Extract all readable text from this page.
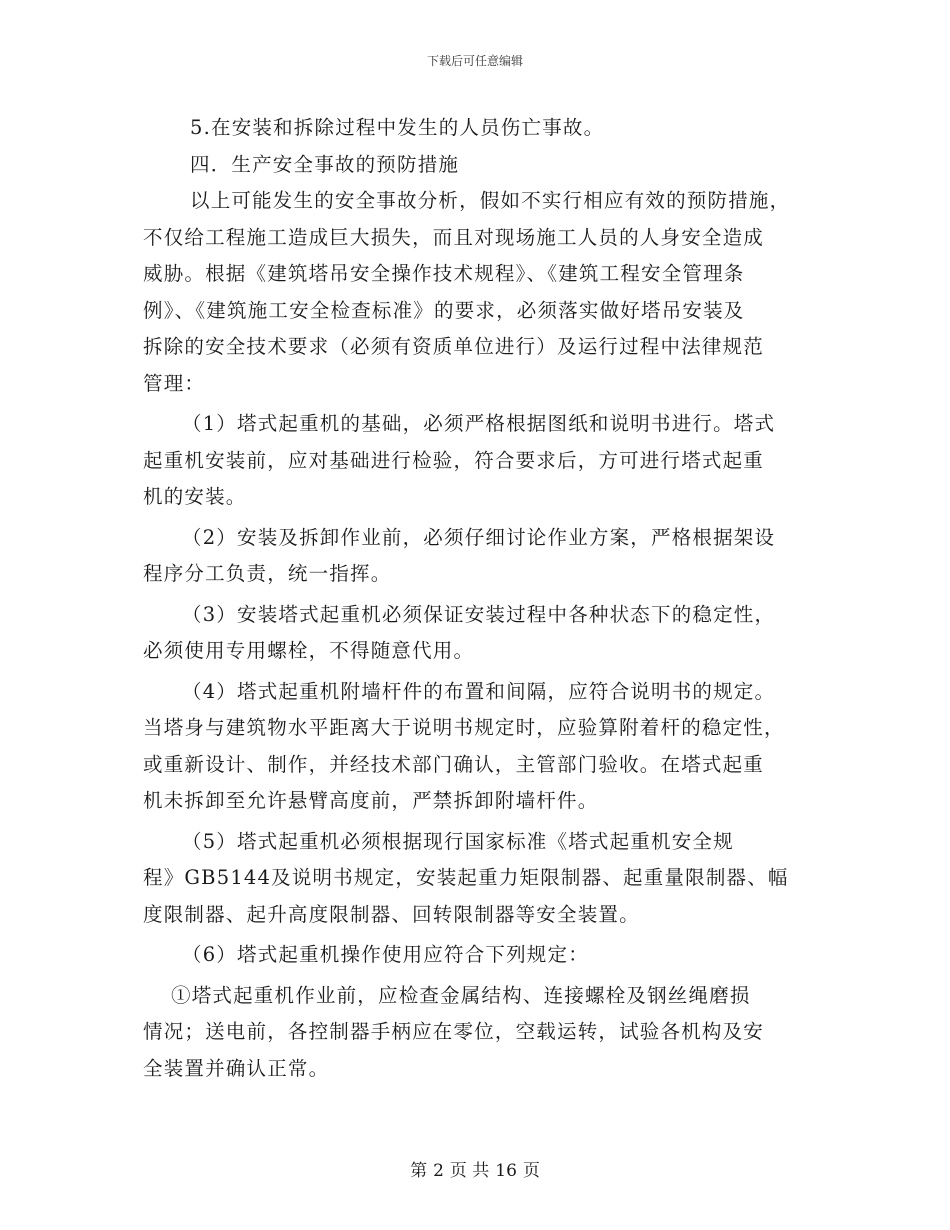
下载后可任意编辑
5.在安装和拆除过程中发生的人员伤亡事故。
四．生产安全事故的预防措施
以上可能发生的安全事故分析，假如不实行相应有效的预防措施，
不仅给工程施工造成巨大损失，而且对现场施工人员的人身安全造成
威胁。根据《建筑塔吊安全操作技术规程》、《建筑工程安全管理条
例》、《建筑施工安全检查标准》的要求，必须落实做好塔吊安装及
拆除的安全技术要求（必须有资质单位进行）及运行过程中法律规范
管理：
（1）塔式起重机的基础，必须严格根据图纸和说明书进行。塔式
起重机安装前，应对基础进行检验，符合要求后，方可进行塔式起重
机的安装。
（2）安装及拆卸作业前，必须仔细讨论作业方案，严格根据架设
程序分工负责，统一指挥。
（3）安装塔式起重机必须保证安装过程中各种状态下的稳定性，
必须使用专用螺栓，不得随意代用。
（4）塔式起重机附墙杆件的布置和间隔，应符合说明书的规定。
当塔身与建筑物水平距离大于说明书规定时，应验算附着杆的稳定性，
或重新设计、制作，并经技术部门确认，主管部门验收。在塔式起重
机未拆卸至允许悬臂高度前，严禁拆卸附墙杆件。
（5）塔式起重机必须根据现行国家标准《塔式起重机安全规
程》GB5144及说明书规定，安装起重力矩限制器、起重量限制器、幅
度限制器、起升高度限制器、回转限制器等安全装置。
（6）塔式起重机操作使用应符合下列规定：
①塔式起重机作业前，应检查金属结构、连接螺栓及钢丝绳磨损
情况；送电前，各控制器手柄应在零位，空载运转，试验各机构及安
全装置并确认正常。
第 2 页 共 16 页
